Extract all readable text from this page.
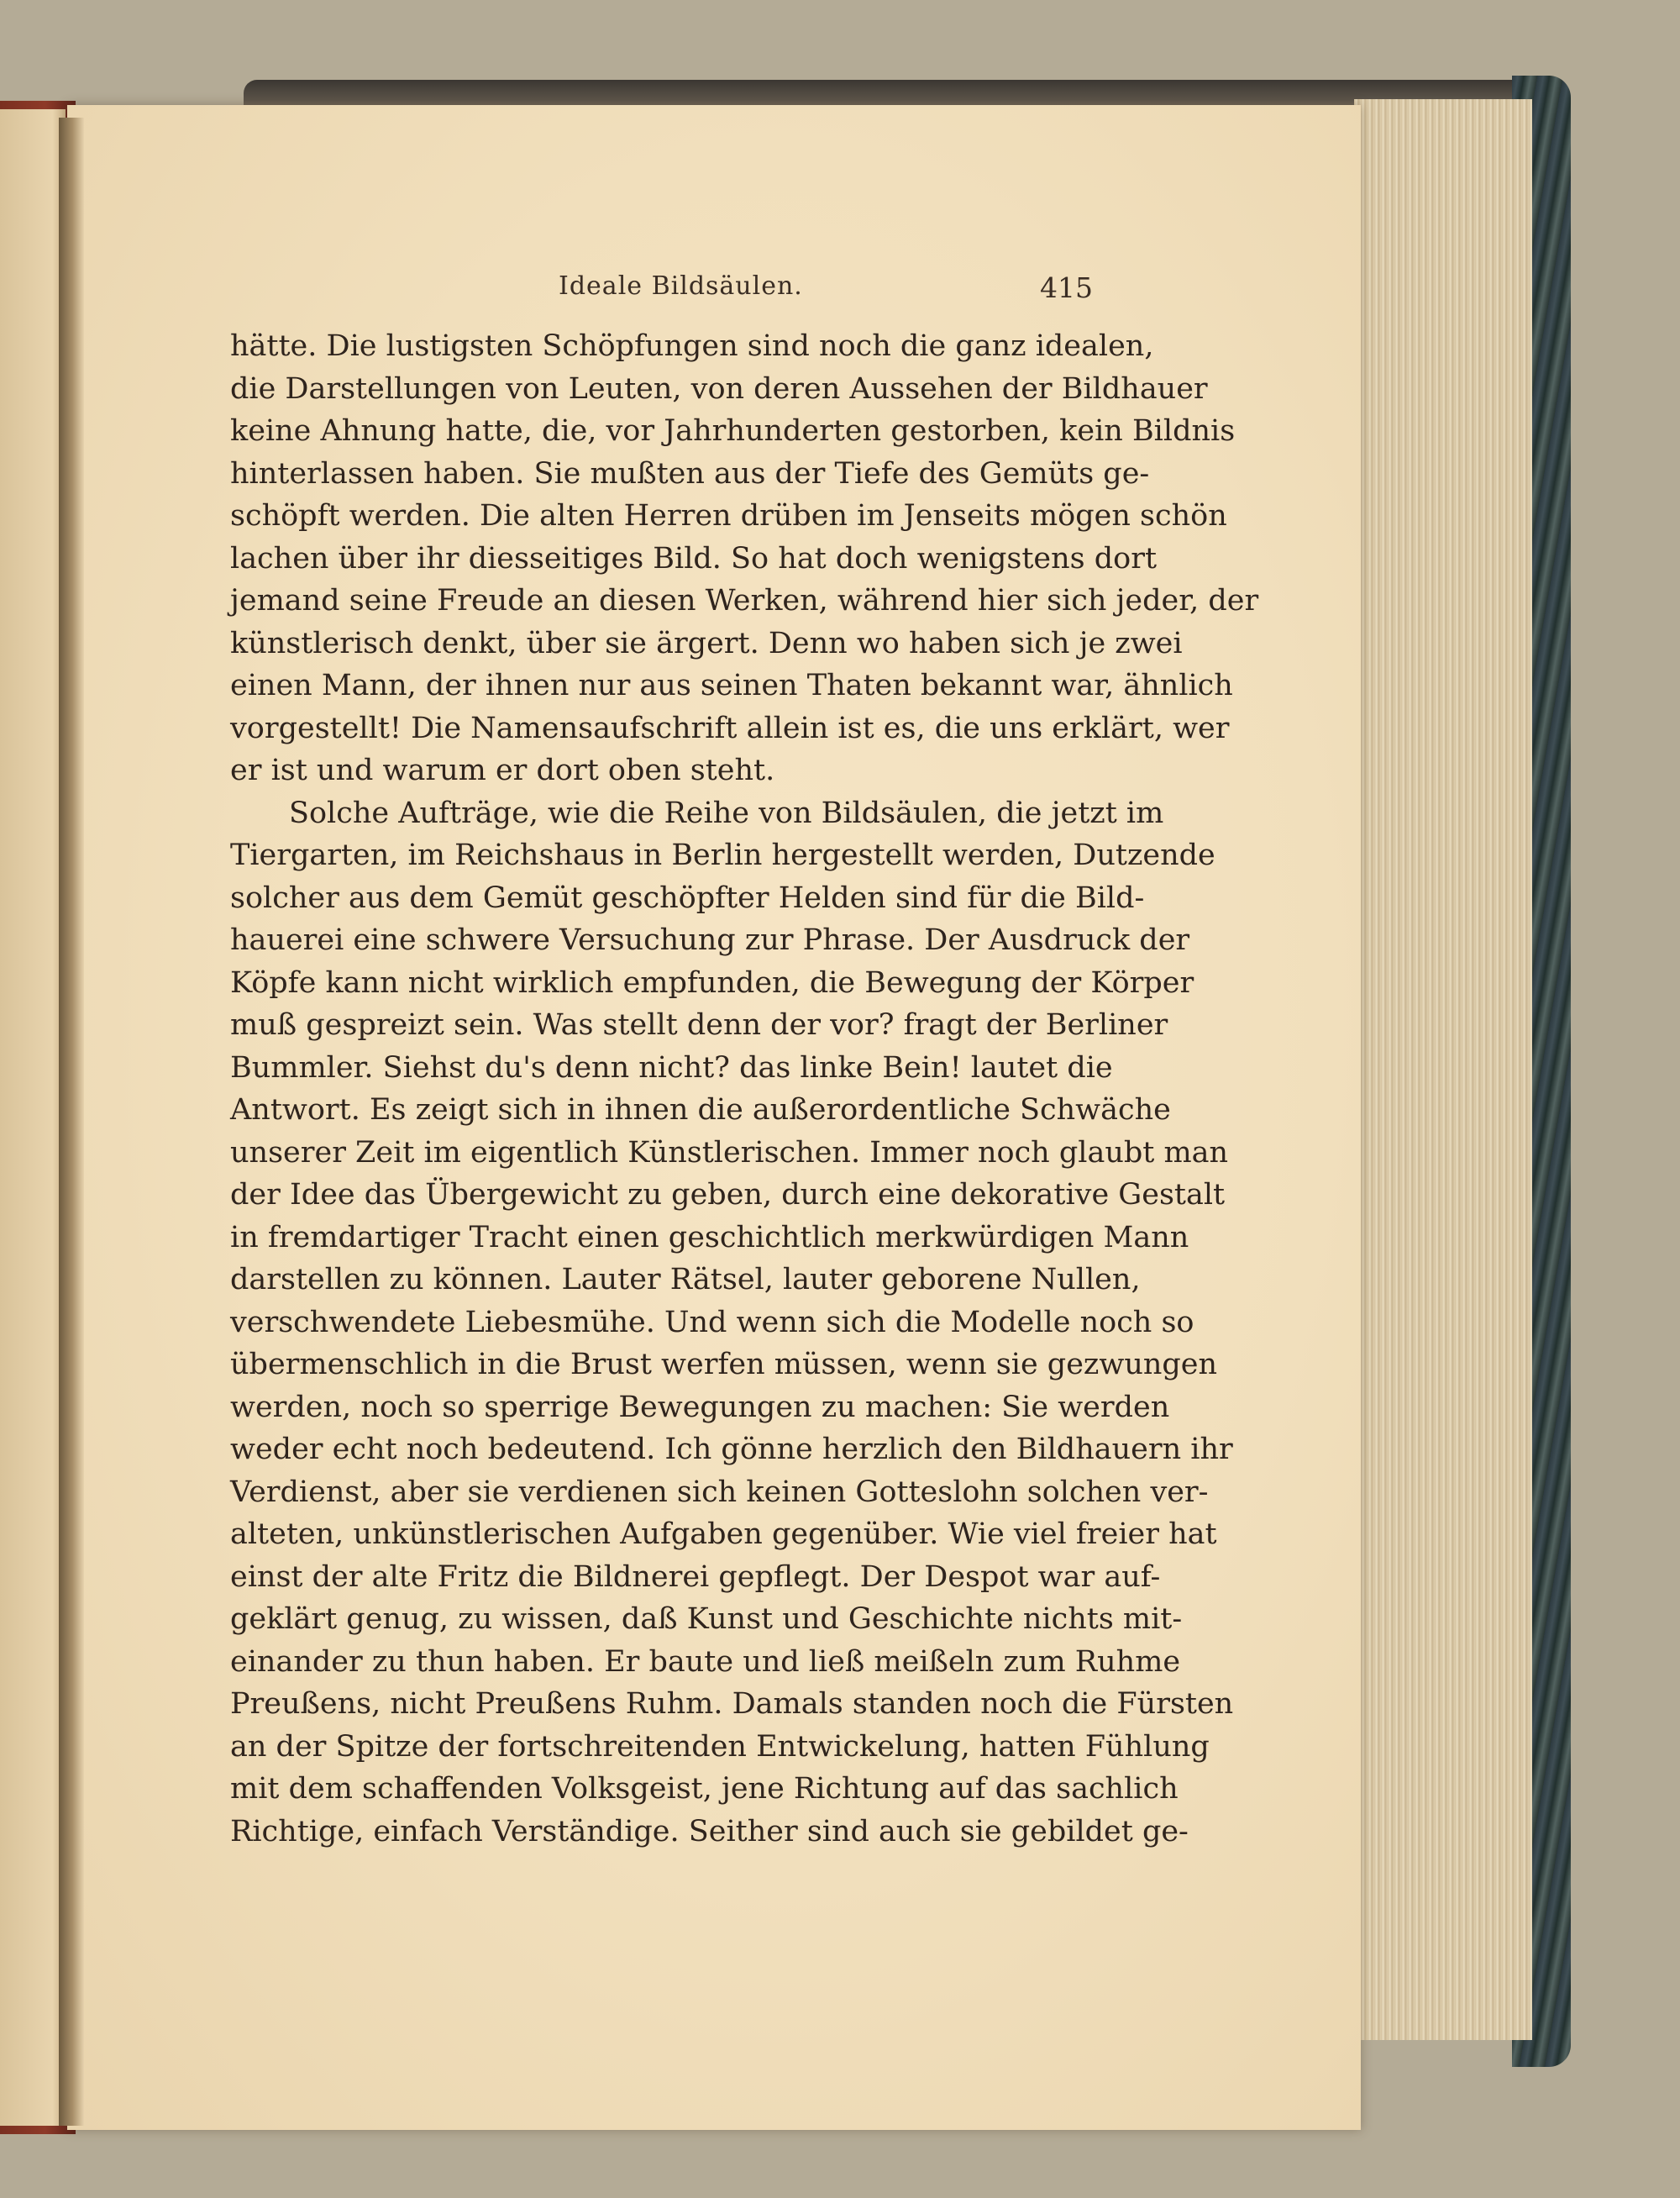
Ideale Bildsäulen.	415
hätte. Die lustigsten Schöpfungen sind noch die ganz idealen,
die Darstellungen von Leuten, von deren Aussehen der Bildhauer
keine Ahnung hatte, die, vor Jahrhunderten gestorben, kein Bildnis
hinterlassen haben. Sie mußten aus der Tiefe des Gemüts ge-
schöpft werden. Die alten Herren drüben im Jenseits mögen schön
lachen über ihr diesseitiges Bild. So hat doch wenigstens dort
jemand seine Freude an diesen Werken, während hier sich jeder, der
künstlerisch denkt, über sie ärgert. Denn wo haben sich je zwei
einen Mann, der ihnen nur aus seinen Thaten bekannt war, ähnlich
vorgestellt! Die Namensaufschrift allein ist es, die uns erklärt, wer
er ist und warum er dort oben steht.
Solche Aufträge, wie die Reihe von Bildsäulen, die jetzt im
Tiergarten, im Reichshaus in Berlin hergestellt werden, Dutzende
solcher aus dem Gemüt geschöpfter Helden sind für die Bild-
hauerei eine schwere Versuchung zur Phrase. Der Ausdruck der
Köpfe kann nicht wirklich empfunden, die Bewegung der Körper
muß gespreizt sein. Was stellt denn der vor? fragt der Berliner
Bummler. Siehst du's denn nicht? das linke Bein! lautet die
Antwort. Es zeigt sich in ihnen die außerordentliche Schwäche
unserer Zeit im eigentlich Künstlerischen. Immer noch glaubt man
der Idee das Übergewicht zu geben, durch eine dekorative Gestalt
in fremdartiger Tracht einen geschichtlich merkwürdigen Mann
darstellen zu können. Lauter Rätsel, lauter geborene Nullen,
verschwendete Liebesmühe. Und wenn sich die Modelle noch so
übermenschlich in die Brust werfen müssen, wenn sie gezwungen
werden, noch so sperrige Bewegungen zu machen: Sie werden
weder echt noch bedeutend. Ich gönne herzlich den Bildhauern ihr
Verdienst, aber sie verdienen sich keinen Gotteslohn solchen ver-
alteten, unkünstlerischen Aufgaben gegenüber. Wie viel freier hat
einst der alte Fritz die Bildnerei gepflegt. Der Despot war auf-
geklärt genug, zu wissen, daß Kunst und Geschichte nichts mit-
einander zu thun haben. Er baute und ließ meißeln zum Ruhme
Preußens, nicht Preußens Ruhm. Damals standen noch die Fürsten
an der Spitze der fortschreitenden Entwickelung, hatten Fühlung
mit dem schaffenden Volksgeist, jene Richtung auf das sachlich
Richtige, einfach Verständige. Seither sind auch sie gebildet ge-
